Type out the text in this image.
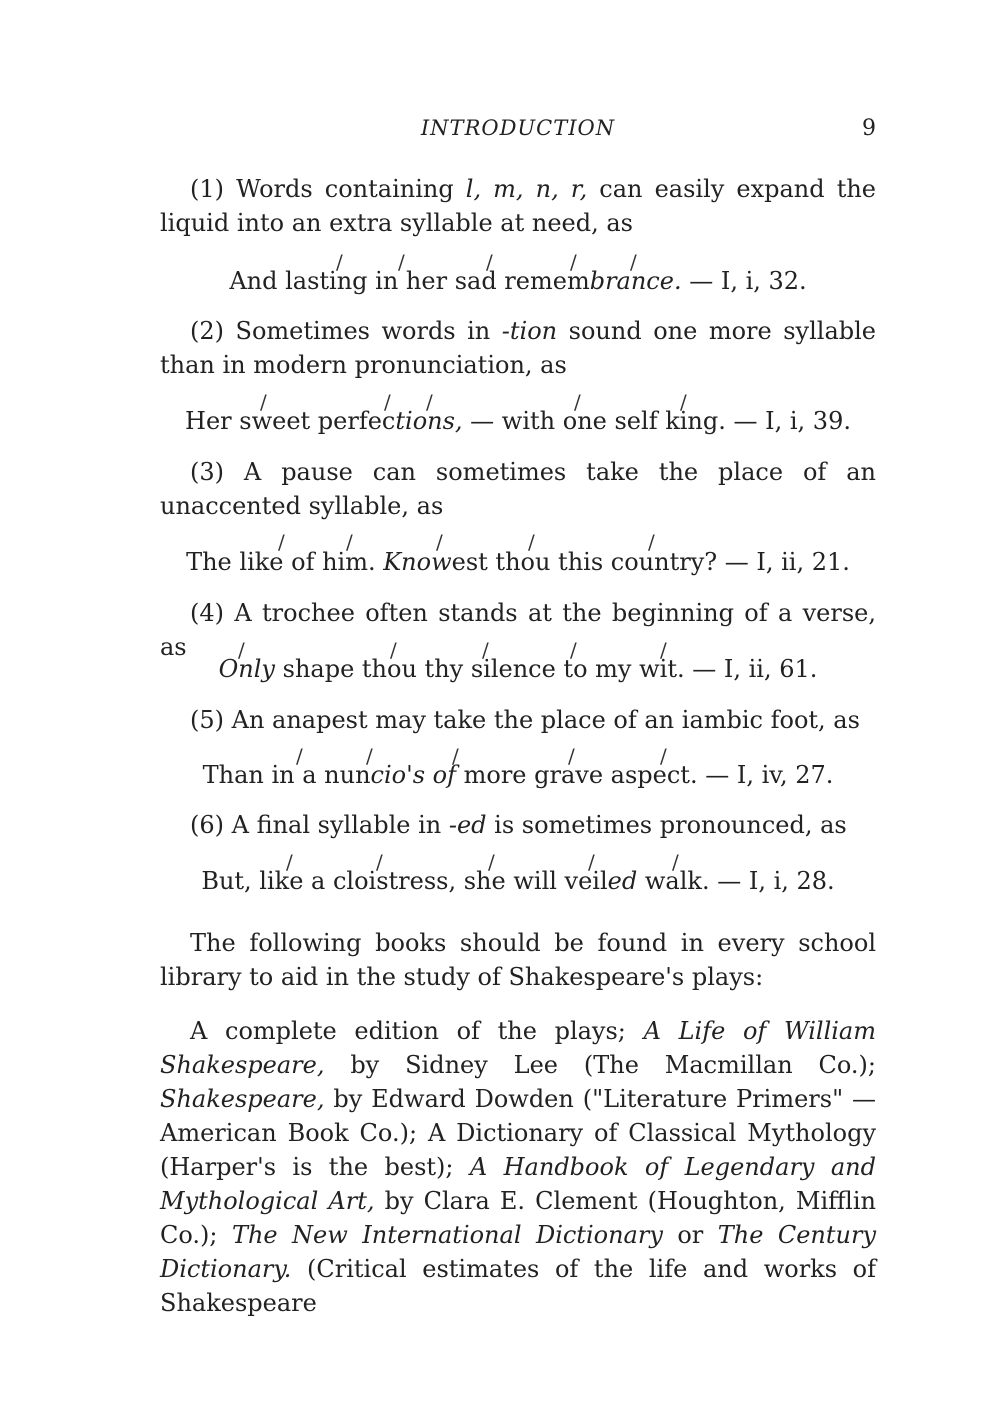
INTRODUCTION	9
(1) Words containing l, m, n, r, can easily expand the liquid into an extra syllable at need, as
/	/	/	/	/
And lasting in her sad remembrance. — I, i, 32.
(2) Sometimes words in -tion sound one more syllable than in modern pronunciation, as
/	/ /	/	/
Her sweet perfections, — with one self king. — I, i, 39.
(3) A pause can sometimes take the place of an unaccented syllable, as
/	/	/	/	/
The like of him. Knowest thou this country? — I, ii, 21.
(4) A trochee often stands at the beginning of a verse, as	/	/	/	/	/
Only shape thou thy silence to my wit. — I, ii, 61.
(5) An anapest may take the place of an iambic foot, as
/	/	/	/	/
Than in a nuncio's of more grave aspect. — I, iv, 27.
(6) A final syllable in -ed is sometimes pronounced, as
/	/	/	/	/
But, like a cloistress, she will veiled walk. — I, i, 28.
The following books should be found in every school library to aid in the study of Shakespeare's plays:
A complete edition of the plays; A Life of William Shakespeare, by Sidney Lee (The Macmillan Co.); Shakespeare, by Edward Dowden ("Literature Primers" — American Book Co.); A Dictionary of Classical Mythology (Harper's is the best); A Handbook of Legendary and Mythological Art, by Clara E. Clement (Houghton, Mifflin Co.); The New International Dictionary or The Century Dictionary. (Critical estimates of the life and works of Shakespeare
